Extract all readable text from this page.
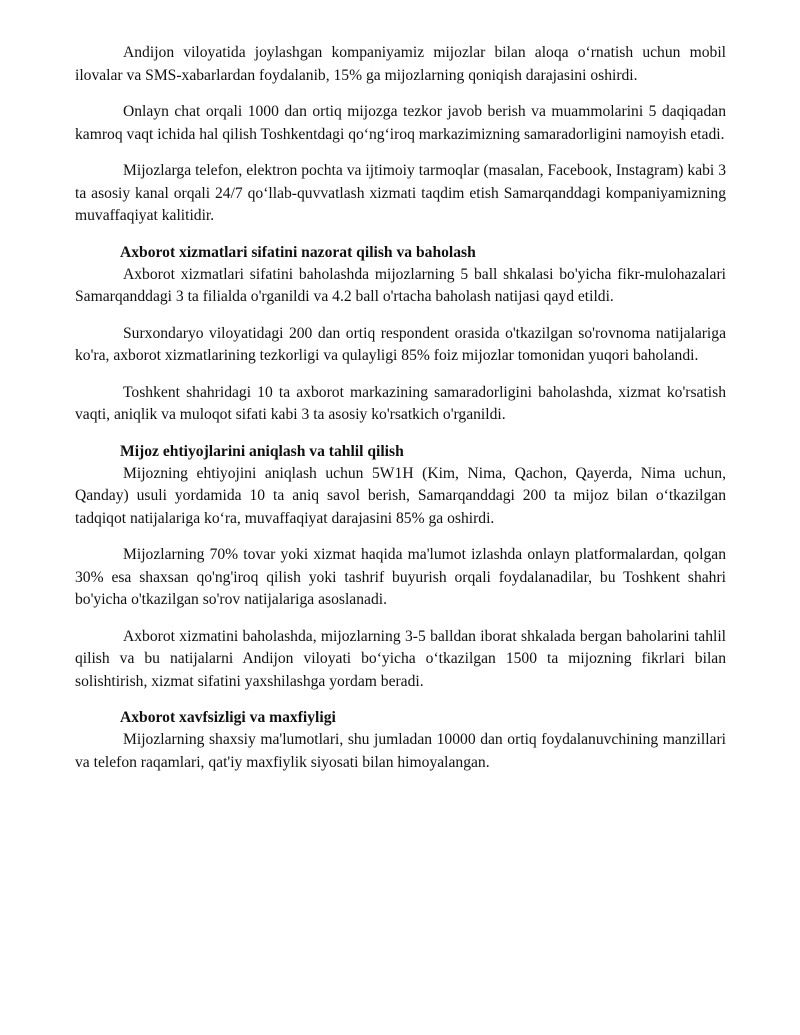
Andijon viloyatida joylashgan kompaniyamiz mijozlar bilan aloqa oʻrnatish uchun mobil ilovalar va SMS-xabarlardan foydalanib, 15% ga mijozlarning qoniqish darajasini oshirdi.

Onlayn chat orqali 1000 dan ortiq mijozga tezkor javob berish va muammolarini 5 daqiqadan kamroq vaqt ichida hal qilish Toshkentdagi qoʻngʻiroq markazimizning samaradorligini namoyish etadi.

Mijozlarga telefon, elektron pochta va ijtimoiy tarmoqlar (masalan, Facebook, Instagram) kabi 3 ta asosiy kanal orqali 24/7 qoʻllab-quvvatlash xizmati taqdim etish Samarqanddagi kompaniyamizning muvaffaqiyat kalitidir.

Axborot xizmatlari sifatini nazorat qilish va baholash

Axborot xizmatlari sifatini baholashda mijozlarning 5 ball shkalasi bo'yicha fikr-mulohazalari Samarqanddagi 3 ta filialda o'rganildi va 4.2 ball o'rtacha baholash natijasi qayd etildi.

Surxondaryo viloyatidagi 200 dan ortiq respondent orasida o'tkazilgan so'rovnoma natijalariga ko'ra, axborot xizmatlarining tezkorligi va qulayligi 85% foiz mijozlar tomonidan yuqori baholandi.

Toshkent shahridagi 10 ta axborot markazining samaradorligini baholashda, xizmat ko'rsatish vaqti, aniqlik va muloqot sifati kabi 3 ta asosiy ko'rsatkich o'rganildi.

Mijoz ehtiyojlarini aniqlash va tahlil qilish

Mijozning ehtiyojini aniqlash uchun 5W1H (Kim, Nima, Qachon, Qayerda, Nima uchun, Qanday) usuli yordamida 10 ta aniq savol berish, Samarqanddagi 200 ta mijoz bilan oʻtkazilgan tadqiqot natijalariga koʻra, muvaffaqiyat darajasini 85% ga oshirdi.

Mijozlarning 70% tovar yoki xizmat haqida ma'lumot izlashda onlayn platformalardan, qolgan 30% esa shaxsan qo'ng'iroq qilish yoki tashrif buyurish orqali foydalanadilar, bu Toshkent shahri bo'yicha o'tkazilgan so'rov natijalariga asoslanadi.

Axborot xizmatini baholashda, mijozlarning 3-5 balldan iborat shkalada bergan baholarini tahlil qilish va bu natijalarni Andijon viloyati boʻyicha oʻtkazilgan 1500 ta mijozning fikrlari bilan solishtirish, xizmat sifatini yaxshilashga yordam beradi.

Axborot xavfsizligi va maxfiyligi

Mijozlarning shaxsiy ma'lumotlari, shu jumladan 10000 dan ortiq foydalanuvchining manzillari va telefon raqamlari, qat'iy maxfiylik siyosati bilan himoyalangan.
